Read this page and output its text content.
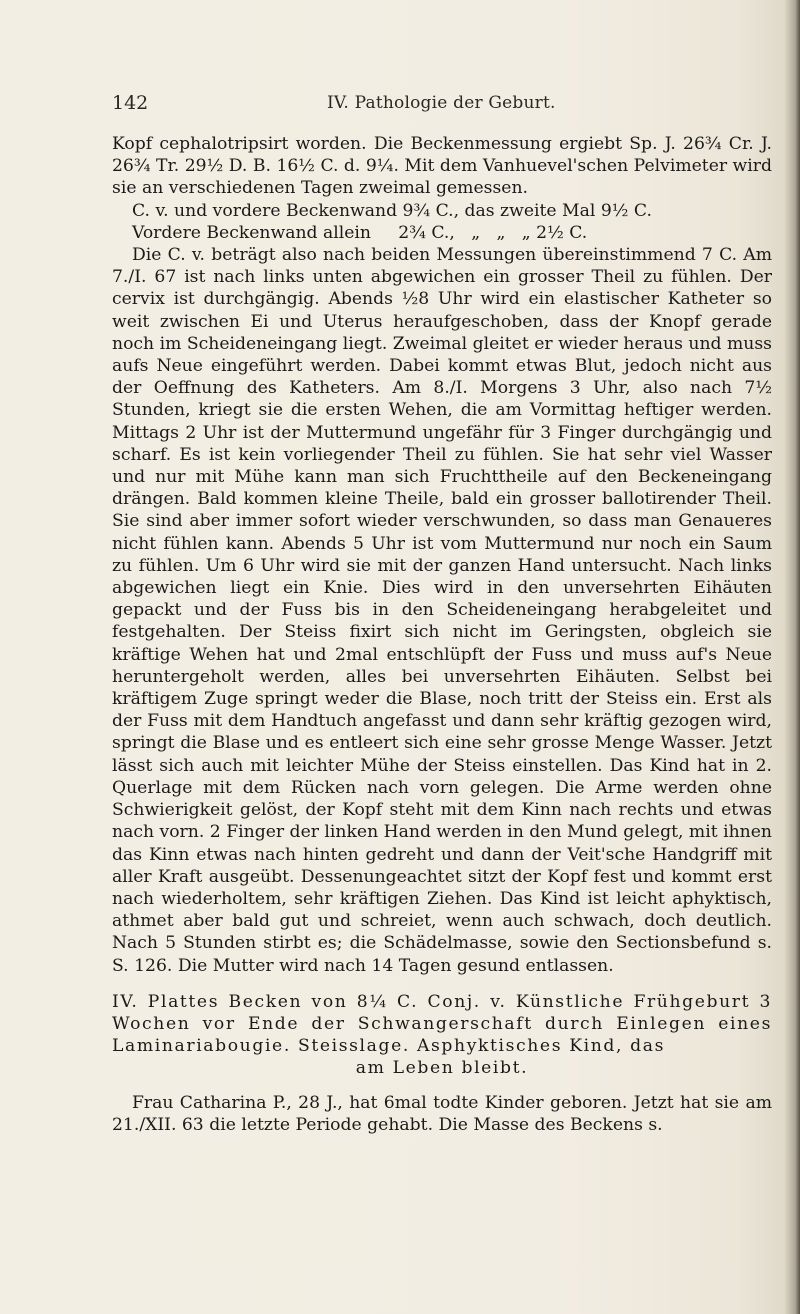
142	IV. Pathologie der Geburt.

Kopf cephalotripsirt worden. Die Beckenmessung ergiebt Sp. J. 26¾ Cr. J. 26¾ Tr. 29½ D. B. 16½ C. d. 9¼. Mit dem Vanhuevel'schen Pelvimeter wird sie an verschiedenen Tagen zweimal gemessen.

C. v. und vordere Beckenwand 9¾ C., das zweite Mal 9½ C.
Vordere Beckenwand allein     2¾ C.,   „   „   „ 2½ C.

Die C. v. beträgt also nach beiden Messungen übereinstimmend 7 C. Am 7./I. 67 ist nach links unten abgewichen ein grosser Theil zu fühlen. Der cervix ist durchgängig. Abends ½8 Uhr wird ein elastischer Katheter so weit zwischen Ei und Uterus heraufgeschoben, dass der Knopf gerade noch im Scheideneingang liegt. Zweimal gleitet er wieder heraus und muss aufs Neue eingeführt werden. Dabei kommt etwas Blut, jedoch nicht aus der Oeffnung des Katheters. Am 8./I. Morgens 3 Uhr, also nach 7½ Stunden, kriegt sie die ersten Wehen, die am Vormittag heftiger werden. Mittags 2 Uhr ist der Muttermund ungefähr für 3 Finger durchgängig und scharf. Es ist kein vorliegender Theil zu fühlen. Sie hat sehr viel Wasser und nur mit Mühe kann man sich Fruchttheile auf den Beckeneingang drängen. Bald kommen kleine Theile, bald ein grosser ballotirender Theil. Sie sind aber immer sofort wieder verschwunden, so dass man Genaueres nicht fühlen kann. Abends 5 Uhr ist vom Muttermund nur noch ein Saum zu fühlen. Um 6 Uhr wird sie mit der ganzen Hand untersucht. Nach links abgewichen liegt ein Knie. Dies wird in den unversehrten Eihäuten gepackt und der Fuss bis in den Scheideneingang herabgeleitet und festgehalten. Der Steiss fixirt sich nicht im Geringsten, obgleich sie kräftige Wehen hat und 2mal entschlüpft der Fuss und muss auf's Neue heruntergeholt werden, alles bei unversehrten Eihäuten. Selbst bei kräftigem Zuge springt weder die Blase, noch tritt der Steiss ein. Erst als der Fuss mit dem Handtuch angefasst und dann sehr kräftig gezogen wird, springt die Blase und es entleert sich eine sehr grosse Menge Wasser. Jetzt lässt sich auch mit leichter Mühe der Steiss einstellen. Das Kind hat in 2. Querlage mit dem Rücken nach vorn gelegen. Die Arme werden ohne Schwierigkeit gelöst, der Kopf steht mit dem Kinn nach rechts und etwas nach vorn. 2 Finger der linken Hand werden in den Mund gelegt, mit ihnen das Kinn etwas nach hinten gedreht und dann der Veit'sche Handgriff mit aller Kraft ausgeübt. Dessenungeachtet sitzt der Kopf fest und kommt erst nach wiederholtem, sehr kräftigen Ziehen. Das Kind ist leicht aphyktisch, athmet aber bald gut und schreiet, wenn auch schwach, doch deutlich. Nach 5 Stunden stirbt es; die Schädelmasse, sowie den Sectionsbefund s. S. 126. Die Mutter wird nach 14 Tagen gesund entlassen.

IV. Plattes Becken von 8¼ C. Conj. v. Künstliche Frühgeburt 3 Wochen vor Ende der Schwangerschaft durch Einlegen eines Laminariabougie. Steisslage. Asphyktisches Kind, das
am Leben bleibt.

Frau Catharina P., 28 J., hat 6mal todte Kinder geboren. Jetzt hat sie am 21./XII. 63 die letzte Periode gehabt. Die Masse des Beckens s.
